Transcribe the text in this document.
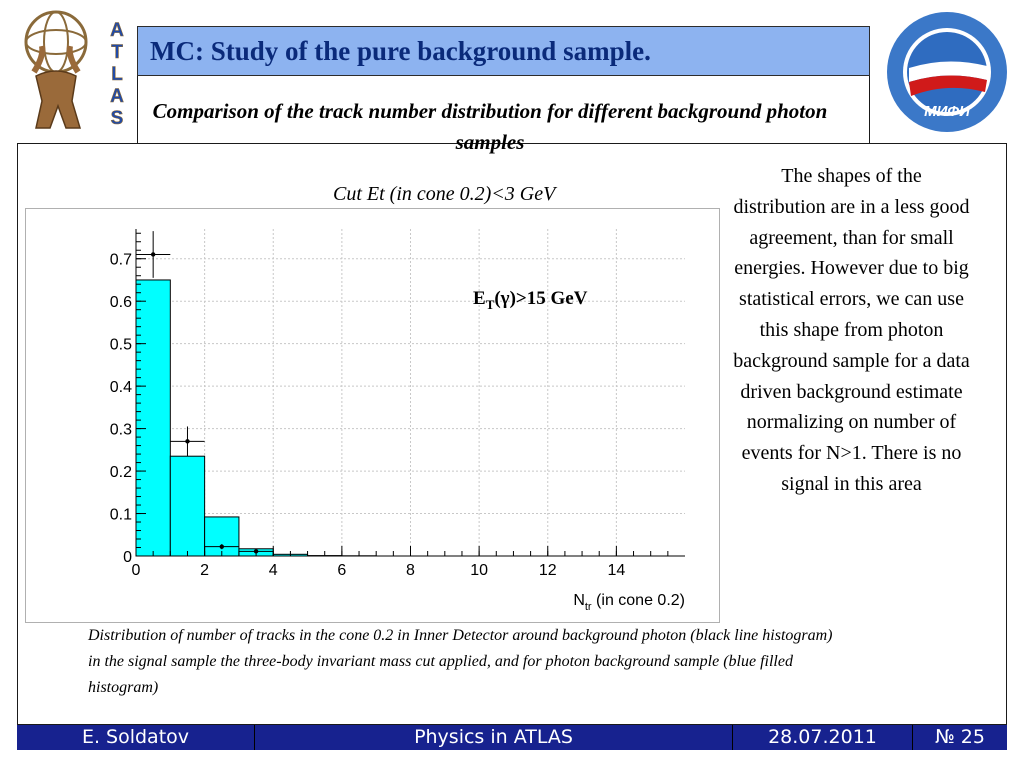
A
T
L
A
S
MC: Study of the pure background sample.
МИФИ
Comparison of the track number distribution for different background photon samples
Cut Et (in cone 0.2)<3 GeV
0
0.1
0.2
0.3
0.4
0.5
0.6
0.7
0	2	4	6	8	10	12	14
$N_{tr}$ (in cone 0.2)
$E_T(\gamma)>15$ GeV
The shapes of the distribution are in a less good agreement, than for small energies. However due to big statistical errors, we can use this shape from photon background sample for a data driven background estimate normalizing on number of events for N>1. There is no signal in this area
Distribution of number of tracks in the cone 0.2 in Inner Detector around background photon (black line histogram) in the signal sample the three-body invariant mass cut applied, and for photon background sample (blue filled histogram)
E. Soldatov	Physics in ATLAS	28.07.2011	№ 25
